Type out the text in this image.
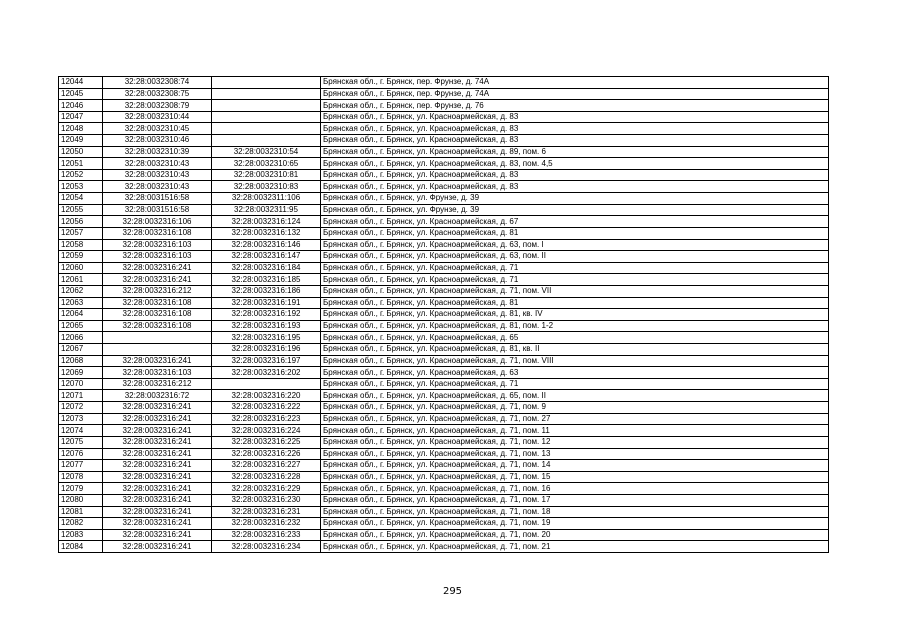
12044	32:28:0032308:74		Брянская обл., г. Брянск, пер. Фрунзе, д. 74А
12045	32:28:0032308:75		Брянская обл., г. Брянск, пер. Фрунзе, д. 74А
12046	32:28:0032308:79		Брянская обл., г. Брянск, пер. Фрунзе, д. 76
12047	32:28:0032310:44		Брянская обл., г. Брянск, ул. Красноармейская, д. 83
12048	32:28:0032310:45		Брянская обл., г. Брянск, ул. Красноармейская, д. 83
12049	32:28:0032310:46		Брянская обл., г. Брянск, ул. Красноармейская, д. 83
12050	32:28:0032310:39	32:28:0032310:54	Брянская обл., г. Брянск, ул. Красноармейская, д. 89, пом. 6
12051	32:28:0032310:43	32:28:0032310:65	Брянская обл., г. Брянск, ул. Красноармейская, д. 83, пом. 4,5
12052	32:28:0032310:43	32:28:0032310:81	Брянская обл., г. Брянск, ул. Красноармейская, д. 83
12053	32:28:0032310:43	32:28:0032310:83	Брянская обл., г. Брянск, ул. Красноармейская, д. 83
12054	32:28:0031516:58	32:28:0032311:106	Брянская обл., г. Брянск, ул. Фрунзе, д. 39
12055	32:28:0031516:58	32:28:0032311:95	Брянская обл., г. Брянск, ул. Фрунзе, д. 39
12056	32:28:0032316:106	32:28:0032316:124	Брянская обл., г. Брянск, ул. Красноармейская, д. 67
12057	32:28:0032316:108	32:28:0032316:132	Брянская обл., г. Брянск, ул. Красноармейская, д. 81
12058	32:28:0032316:103	32:28:0032316:146	Брянская обл., г. Брянск, ул. Красноармейская, д. 63, пом. I
12059	32:28:0032316:103	32:28:0032316:147	Брянская обл., г. Брянск, ул. Красноармейская, д. 63, пом. II
12060	32:28:0032316:241	32:28:0032316:184	Брянская обл., г. Брянск, ул. Красноармейская, д. 71
12061	32:28:0032316:241	32:28:0032316:185	Брянская обл., г. Брянск, ул. Красноармейская, д. 71
12062	32:28:0032316:212	32:28:0032316:186	Брянская обл., г. Брянск, ул. Красноармейская, д. 71, пом. VII
12063	32:28:0032316:108	32:28:0032316:191	Брянская обл., г. Брянск, ул. Красноармейская, д. 81
12064	32:28:0032316:108	32:28:0032316:192	Брянская обл., г. Брянск, ул. Красноармейская, д. 81, кв. IV
12065	32:28:0032316:108	32:28:0032316:193	Брянская обл., г. Брянск, ул. Красноармейская, д. 81, пом. 1-2
12066		32:28:0032316:195	Брянская обл., г. Брянск, ул. Красноармейская, д. 65
12067		32:28:0032316:196	Брянская обл., г. Брянск, ул. Красноармейская, д. 81, кв. II
12068	32:28:0032316:241	32:28:0032316:197	Брянская обл., г. Брянск, ул. Красноармейская, д. 71, пом. VIII
12069	32:28:0032316:103	32:28:0032316:202	Брянская обл., г. Брянск, ул. Красноармейская, д. 63
12070	32:28:0032316:212		Брянская обл., г. Брянск, ул. Красноармейская, д. 71
12071	32:28:0032316:72	32:28:0032316:220	Брянская обл., г. Брянск, ул. Красноармейская, д. 65, пом. II
12072	32:28:0032316:241	32:28:0032316:222	Брянская обл., г. Брянск, ул. Красноармейская, д. 71, пом. 9
12073	32:28:0032316:241	32:28:0032316:223	Брянская обл., г. Брянск, ул. Красноармейская, д. 71, пом. 27
12074	32:28:0032316:241	32:28:0032316:224	Брянская обл., г. Брянск, ул. Красноармейская, д. 71, пом. 11
12075	32:28:0032316:241	32:28:0032316:225	Брянская обл., г. Брянск, ул. Красноармейская, д. 71, пом. 12
12076	32:28:0032316:241	32:28:0032316:226	Брянская обл., г. Брянск, ул. Красноармейская, д. 71, пом. 13
12077	32:28:0032316:241	32:28:0032316:227	Брянская обл., г. Брянск, ул. Красноармейская, д. 71, пом. 14
12078	32:28:0032316:241	32:28:0032316:228	Брянская обл., г. Брянск, ул. Красноармейская, д. 71, пом. 15
12079	32:28:0032316:241	32:28:0032316:229	Брянская обл., г. Брянск, ул. Красноармейская, д. 71, пом. 16
12080	32:28:0032316:241	32:28:0032316:230	Брянская обл., г. Брянск, ул. Красноармейская, д. 71, пом. 17
12081	32:28:0032316:241	32:28:0032316:231	Брянская обл., г. Брянск, ул. Красноармейская, д. 71, пом. 18
12082	32:28:0032316:241	32:28:0032316:232	Брянская обл., г. Брянск, ул. Красноармейская, д. 71, пом. 19
12083	32:28:0032316:241	32:28:0032316:233	Брянская обл., г. Брянск, ул. Красноармейская, д. 71, пом. 20
12084	32:28:0032316:241	32:28:0032316:234	Брянская обл., г. Брянск, ул. Красноармейская, д. 71, пом. 21
295
